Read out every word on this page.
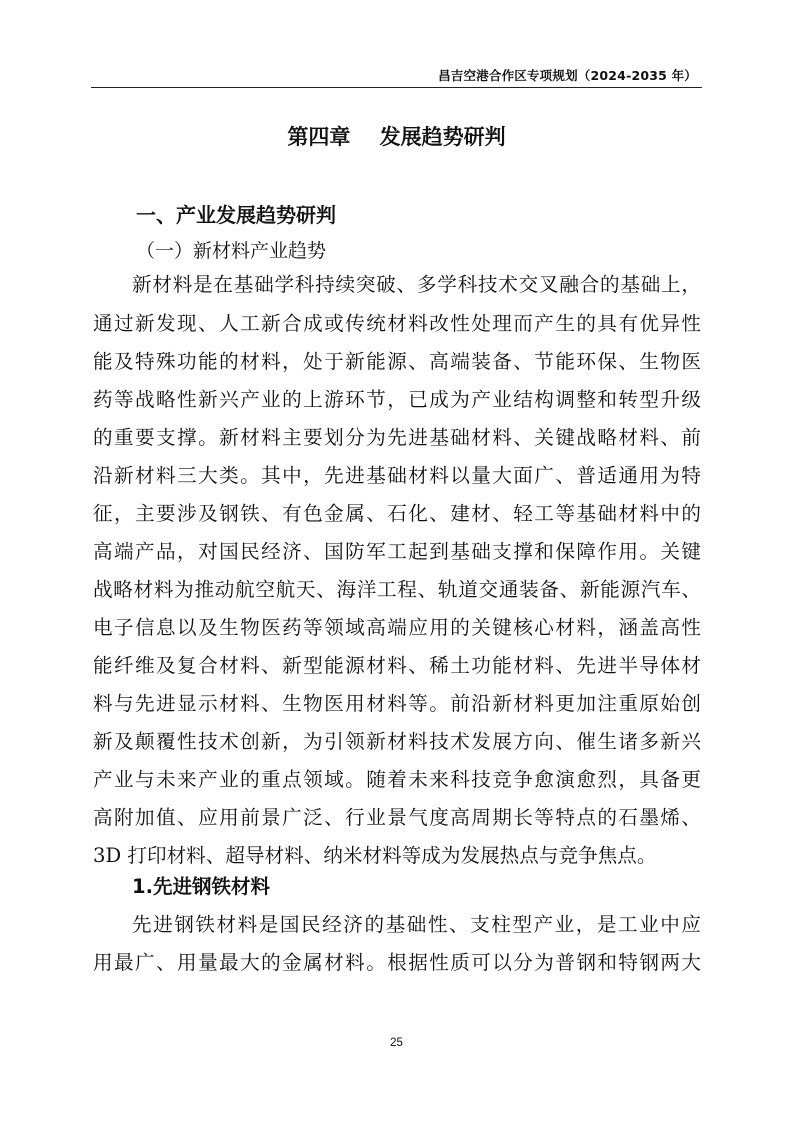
昌吉空港合作区专项规划（2024-2035 年）
第四章    发展趋势研判
一、产业发展趋势研判
（一）新材料产业趋势
新材料是在基础学科持续突破、多学科技术交叉融合的基础上，
通过新发现、人工新合成或传统材料改性处理而产生的具有优异性
能及特殊功能的材料，处于新能源、高端装备、节能环保、生物医
药等战略性新兴产业的上游环节，已成为产业结构调整和转型升级
的重要支撑。新材料主要划分为先进基础材料、关键战略材料、前
沿新材料三大类。其中，先进基础材料以量大面广、普适通用为特
征，主要涉及钢铁、有色金属、石化、建材、轻工等基础材料中的
高端产品，对国民经济、国防军工起到基础支撑和保障作用。关键
战略材料为推动航空航天、海洋工程、轨道交通装备、新能源汽车、
电子信息以及生物医药等领域高端应用的关键核心材料，涵盖高性
能纤维及复合材料、新型能源材料、稀土功能材料、先进半导体材
料与先进显示材料、生物医用材料等。前沿新材料更加注重原始创
新及颠覆性技术创新，为引领新材料技术发展方向、催生诸多新兴
产业与未来产业的重点领域。随着未来科技竞争愈演愈烈，具备更
高附加值、应用前景广泛、行业景气度高周期长等特点的石墨烯、
3D 打印材料、超导材料、纳米材料等成为发展热点与竞争焦点。
1.先进钢铁材料
先进钢铁材料是国民经济的基础性、支柱型产业，是工业中应
用最广、用量最大的金属材料。根据性质可以分为普钢和特钢两大
25
